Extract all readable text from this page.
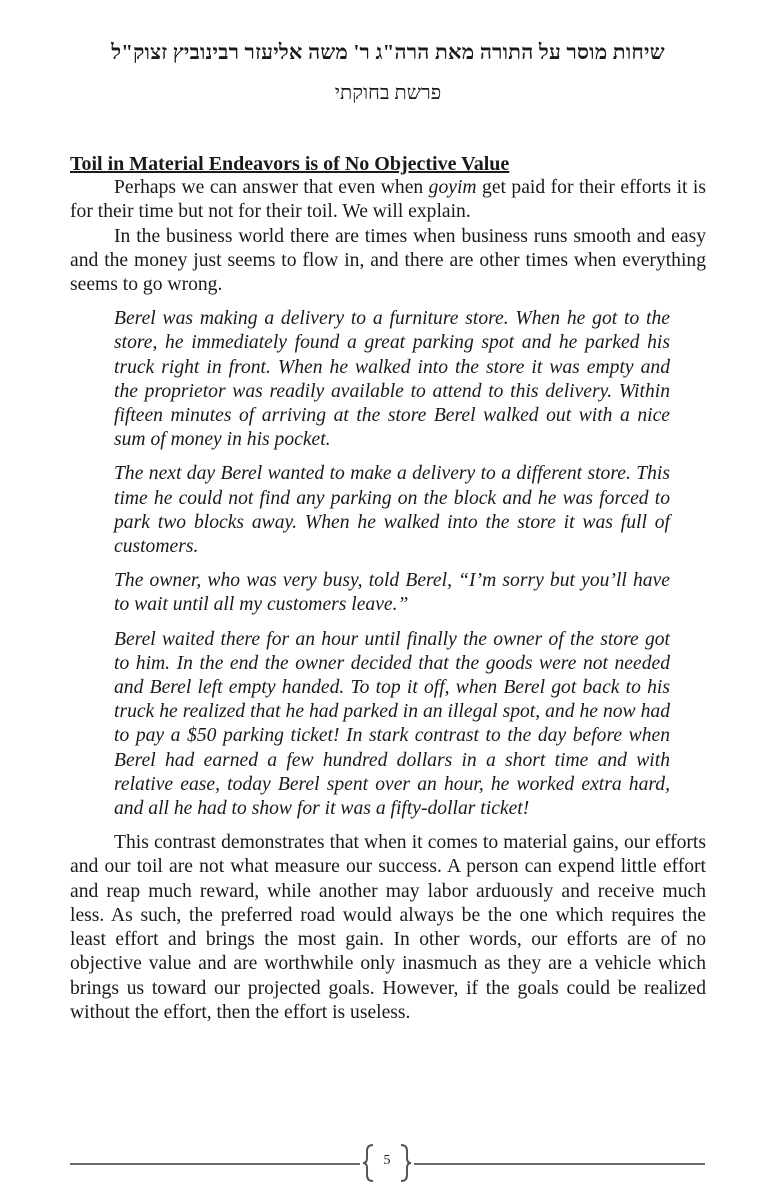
שיחות מוסר על התורה מאת הרה"ג ר' משה אליעזר רבינוביץ זצוק"ל
פרשת בחוקתי
Toil in Material Endeavors is of No Objective Value

Perhaps we can answer that even when goyim get paid for their efforts it is for their time but not for their toil. We will explain.

In the business world there are times when business runs smooth and easy and the money just seems to flow in, and there are other times when everything seems to go wrong.

Berel was making a delivery to a furniture store. When he got to the store, he immediately found a great parking spot and he parked his truck right in front. When he walked into the store it was empty and the proprietor was readily available to attend to this delivery. Within fifteen minutes of arriving at the store Berel walked out with a nice sum of money in his pocket.

The next day Berel wanted to make a delivery to a different store. This time he could not find any parking on the block and he was forced to park two blocks away. When he walked into the store it was full of customers.

The owner, who was very busy, told Berel, “I’m sorry but you’ll have to wait until all my customers leave.”

Berel waited there for an hour until finally the owner of the store got to him. In the end the owner decided that the goods were not needed and Berel left empty handed. To top it off, when Berel got back to his truck he realized that he had parked in an illegal spot, and he now had to pay a $50 parking ticket! In stark contrast to the day before when Berel had earned a few hundred dollars in a short time and with relative ease, today Berel spent over an hour, he worked extra hard, and all he had to show for it was a fifty-dollar ticket!

This contrast demonstrates that when it comes to material gains, our efforts and our toil are not what measure our success. A person can expend little effort and reap much reward, while another may labor arduously and receive much less. As such, the preferred road would always be the one which requires the least effort and brings the most gain. In other words, our efforts are of no objective value and are worthwhile only inasmuch as they are a vehicle which brings us toward our projected goals. However, if the goals could be realized without the effort, then the effort is useless.

5
